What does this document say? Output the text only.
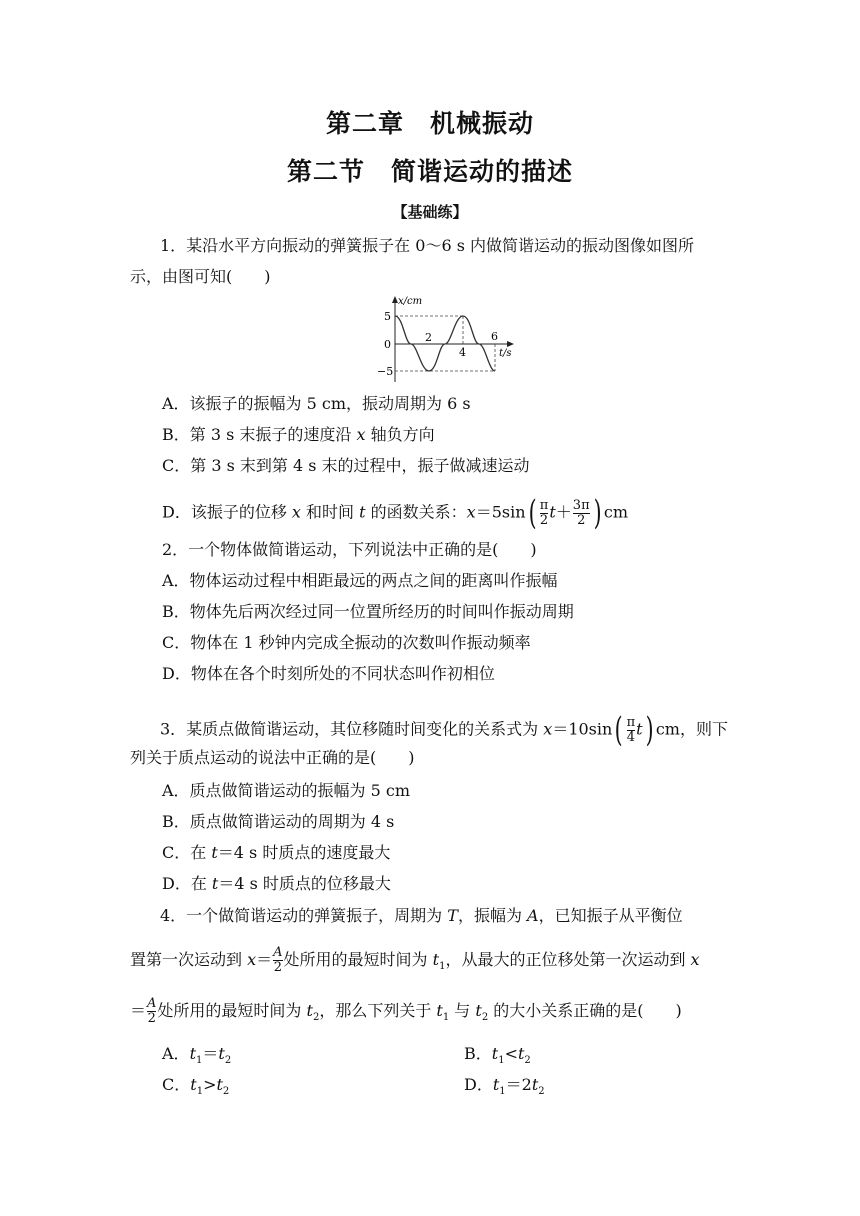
第二章　机械振动
第二节　简谐运动的描述
【基础练】
1．某沿水平方向振动的弹簧振子在 0～6 s 内做简谐运动的振动图像如图所
示，由图可知(　　)
x/cm
t/s
5
0
−5
2
4
6
A．该振子的振幅为 5 cm，振动周期为 6 s
B．第 3 s 末振子的速度沿 x 轴负方向
C．第 3 s 末到第 4 s 末的过程中，振子做减速运动
D．该振子的位移 x 和时间 t 的函数关系：$x=5\sin( \frac{\pi}{2} t+ \frac{3\pi}{2}$ ) cm
2．一个物体做简谐运动，下列说法中正确的是(　　)
A．物体运动过程中相距最远的两点之间的距离叫作振幅
B．物体先后两次经过同一位置所经历的时间叫作振动周期
C．物体在 1 秒钟内完成全振动的次数叫作振动频率
D．物体在各个时刻所处的不同状态叫作初相位
3．某质点做简谐运动，其位移随时间变化的关系式为 $x=10\sin( \frac{\pi}{4} t)$ cm，则下
列关于质点运动的说法中正确的是(　　)
A．质点做简谐运动的振幅为 5 cm
B．质点做简谐运动的周期为 4 s
C．在 t＝4 s 时质点的速度最大
D．在 t＝4 s 时质点的位移最大
4．一个做简谐运动的弹簧振子，周期为 T，振幅为 A，已知振子从平衡位
置第一次运动到 $x= \frac{A}{2}$ 处所用的最短时间为 $t_1$，从最大的正位移处第一次运动到 x
＝ $\frac{A}{2}$ 处所用的最短时间为 $t_2$，那么下列关于 $t_1$ 与 $t_2$ 的大小关系正确的是(　　)
A．$t_1=t_2$	B．$t_1<t_2$
C．$t_1>t_2$	D．$t_1=2t_2$
